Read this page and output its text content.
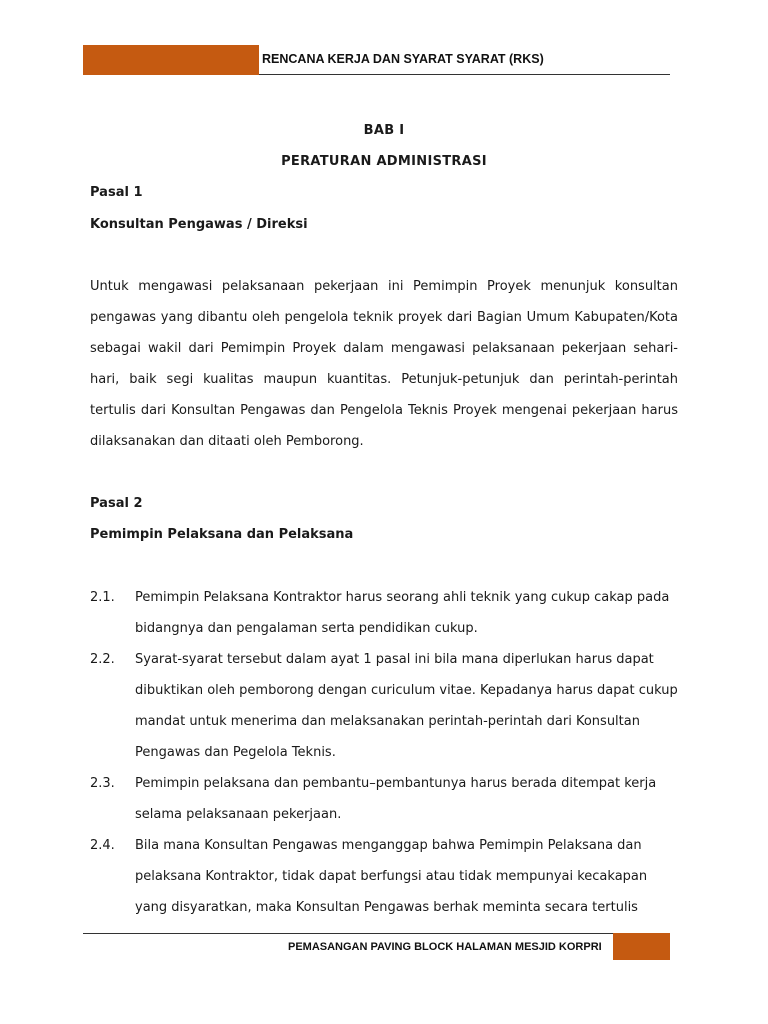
RENCANA KERJA DAN SYARAT SYARAT (RKS)
BAB I
PERATURAN ADMINISTRASI
Pasal 1
Konsultan Pengawas / Direksi
Untuk mengawasi pelaksanaan pekerjaan ini Pemimpin Proyek menunjuk konsultan pengawas yang dibantu oleh pengelola teknik proyek dari Bagian Umum Kabupaten/Kota sebagai wakil dari Pemimpin Proyek dalam mengawasi pelaksanaan pekerjaan sehari-hari, baik segi kualitas maupun kuantitas. Petunjuk-petunjuk dan perintah-perintah tertulis dari Konsultan Pengawas dan Pengelola Teknis Proyek mengenai pekerjaan harus dilaksanakan dan ditaati oleh Pemborong.
Pasal 2
Pemimpin Pelaksana dan Pelaksana
2.1. Pemimpin Pelaksana Kontraktor harus seorang ahli teknik yang cukup cakap pada bidangnya dan pengalaman serta pendidikan cukup.
2.2. Syarat-syarat tersebut dalam ayat 1 pasal ini bila mana diperlukan harus dapat dibuktikan oleh pemborong dengan curiculum vitae. Kepadanya harus dapat cukup mandat untuk menerima dan melaksanakan perintah-perintah dari Konsultan Pengawas dan Pegelola Teknis.
2.3. Pemimpin pelaksana dan pembantu–pembantunya harus berada ditempat kerja selama pelaksanaan pekerjaan.
2.4. Bila mana Konsultan Pengawas menganggap bahwa Pemimpin Pelaksana dan pelaksana Kontraktor, tidak dapat berfungsi atau tidak mempunyai kecakapan yang disyaratkan, maka Konsultan Pengawas berhak meminta secara tertulis
PEMASANGAN PAVING BLOCK HALAMAN MESJID KORPRI
